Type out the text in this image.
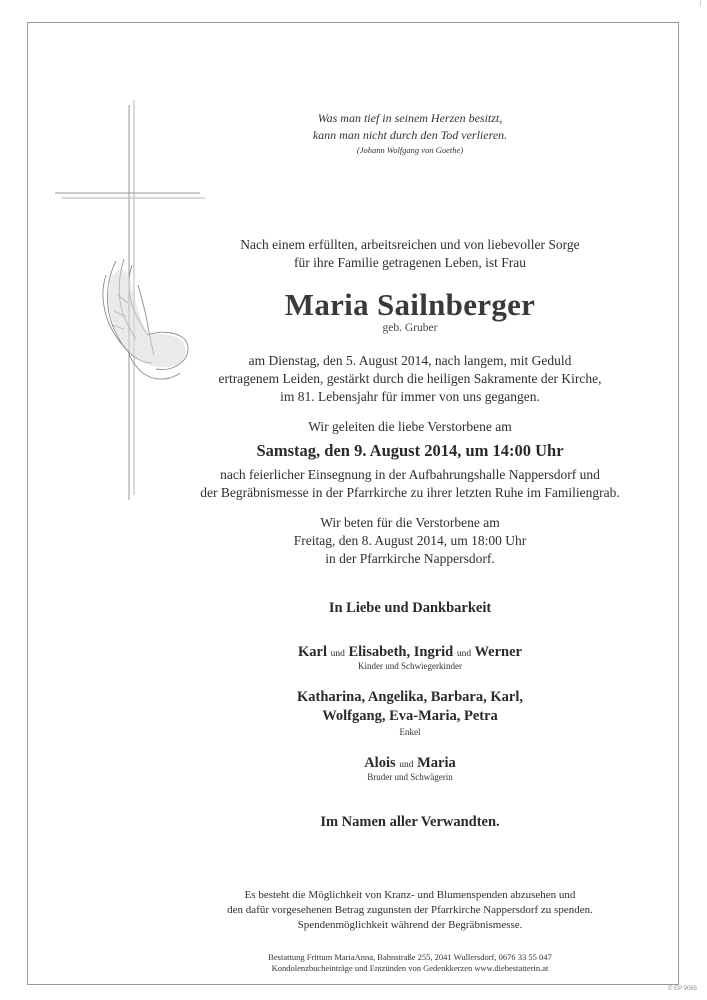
Was man tief in seinem Herzen besitzt,
kann man nicht durch den Tod verlieren.
(Johann Wolfgang von Goethe)
Nach einem erfüllten, arbeitsreichen und von liebevoller Sorge
für ihre Familie getragenen Leben, ist Frau
Maria Sailnberger
geb. Gruber
am Dienstag, den 5. August 2014, nach langem, mit Geduld
ertragenem Leiden, gestärkt durch die heiligen Sakramente der Kirche,
im 81. Lebensjahr für immer von uns gegangen.
Wir geleiten die liebe Verstorbene am
Samstag, den 9. August 2014, um 14:00 Uhr
nach feierlicher Einsegnung in der Aufbahrungshalle Nappersdorf und
der Begräbnismesse in der Pfarrkirche zu ihrer letzten Ruhe im Familiengrab.
Wir beten für die Verstorbene am
Freitag, den 8. August 2014, um 18:00 Uhr
in der Pfarrkirche Nappersdorf.
In Liebe und Dankbarkeit
Karl und Elisabeth, Ingrid und Werner
Kinder und Schwiegerkinder
Katharina, Angelika, Barbara, Karl,
Wolfgang, Eva-Maria, Petra
Enkel
Alois und Maria
Bruder und Schwägerin
Im Namen aller Verwandten.
Es besteht die Möglichkeit von Kranz- und Blumenspenden abzusehen und
den dafür vorgesehenen Betrag zugunsten der Pfarrkirche Nappersdorf zu spenden.
Spendenmöglichkeit während der Begräbnismesse.
Bestattung Frittum MariaAnna, Bahnstraße 255, 2041 Wullersdorf, 0676 33 55 047
Kondolenzbucheinträge und Entzünden von Gedenkkerzen www.diebestatterin.at
© EP 9065
